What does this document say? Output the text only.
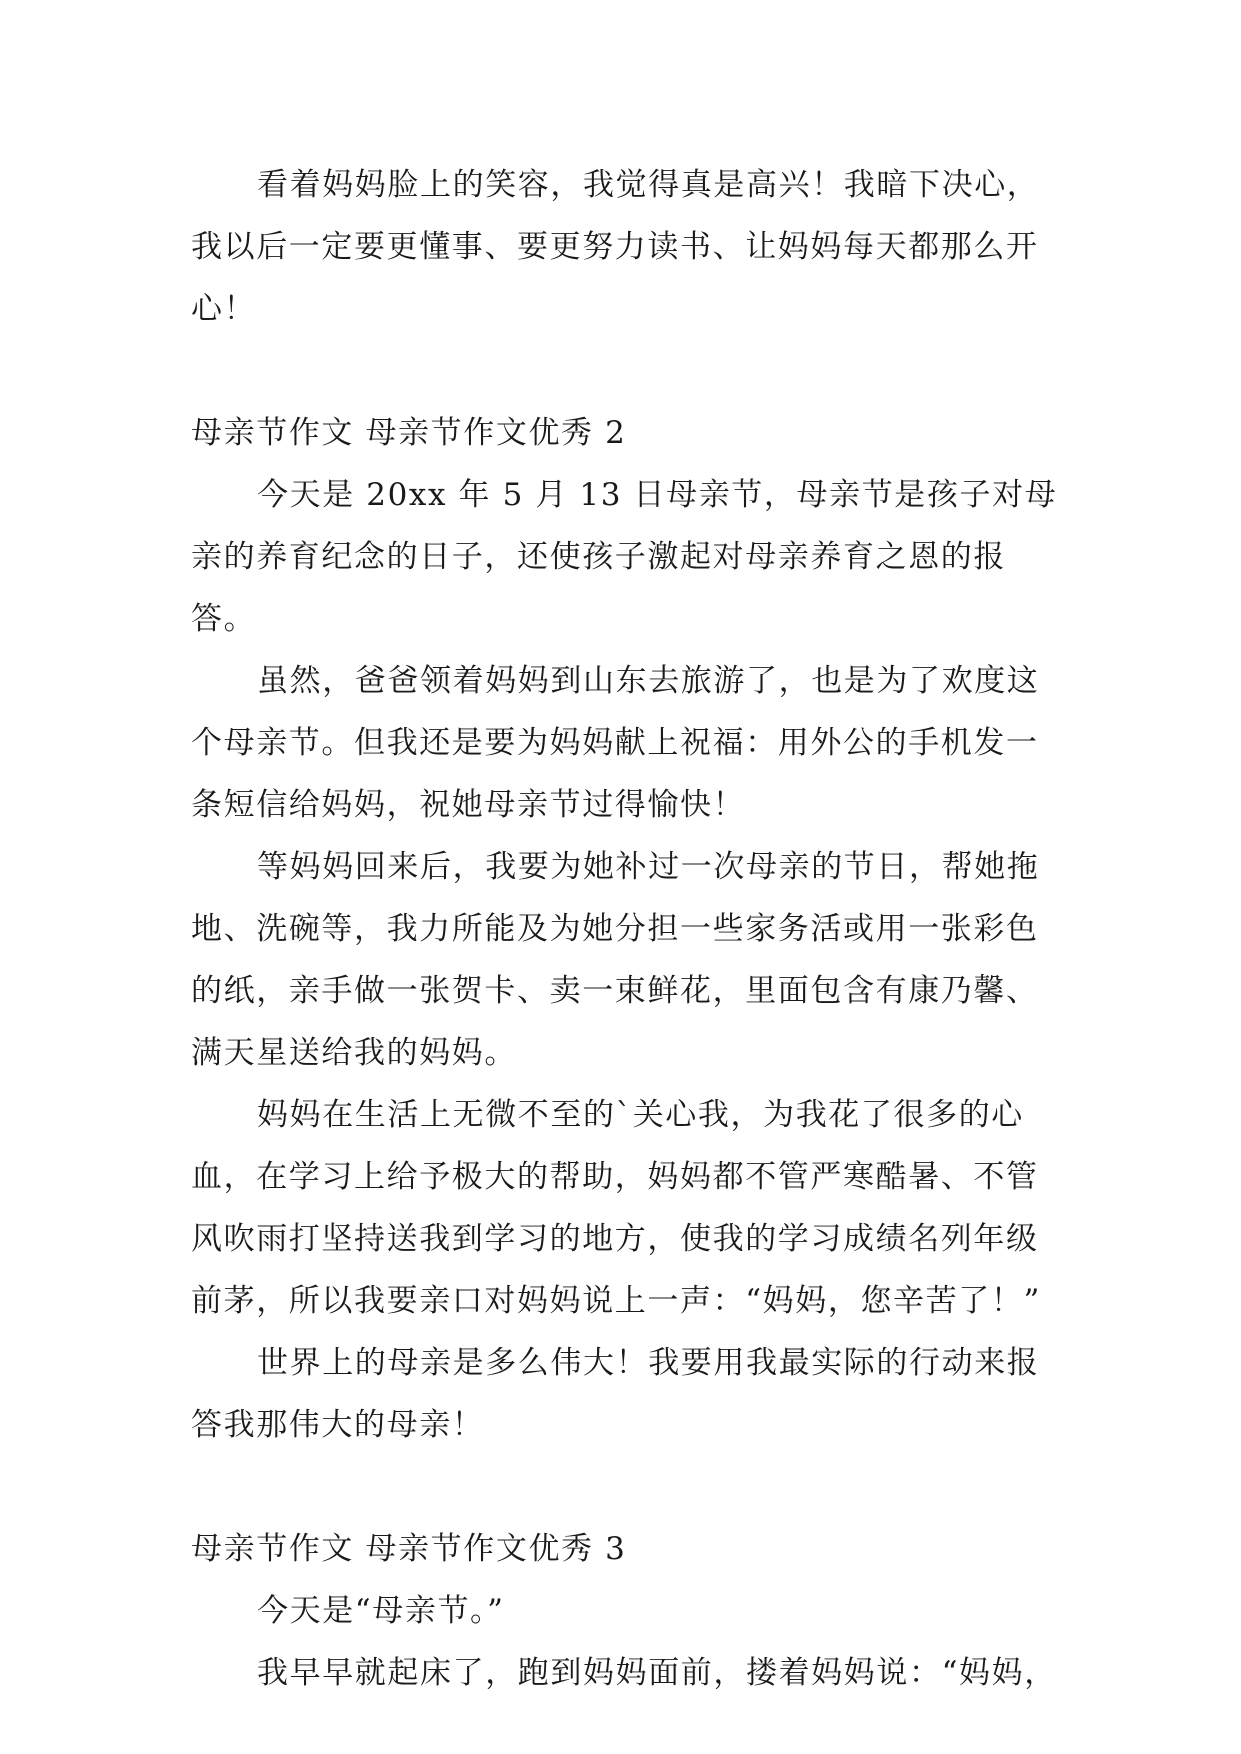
看着妈妈脸上的笑容，我觉得真是高兴！我暗下决心，我以后一定要更懂事、要更努力读书、让妈妈每天都那么开心！

母亲节作文 母亲节作文优秀 2

今天是 20xx 年 5 月 13 日母亲节，母亲节是孩子对母亲的养育纪念的日子，还使孩子激起对母亲养育之恩的报答。

虽然，爸爸领着妈妈到山东去旅游了，也是为了欢度这个母亲节。但我还是要为妈妈献上祝福：用外公的手机发一条短信给妈妈，祝她母亲节过得愉快！

等妈妈回来后，我要为她补过一次母亲的节日，帮她拖地、洗碗等，我力所能及为她分担一些家务活或用一张彩色的纸，亲手做一张贺卡、卖一束鲜花，里面包含有康乃馨、满天星送给我的妈妈。

妈妈在生活上无微不至的`关心我，为我花了很多的心血，在学习上给予极大的帮助，妈妈都不管严寒酷暑、不管风吹雨打坚持送我到学习的地方，使我的学习成绩名列年级前茅，所以我要亲口对妈妈说上一声：“妈妈，您辛苦了！”

世界上的母亲是多么伟大！我要用我最实际的行动来报答我那伟大的母亲！

母亲节作文 母亲节作文优秀 3

今天是“母亲节。”

我早早就起床了，跑到妈妈面前，搂着妈妈说：“妈妈，
